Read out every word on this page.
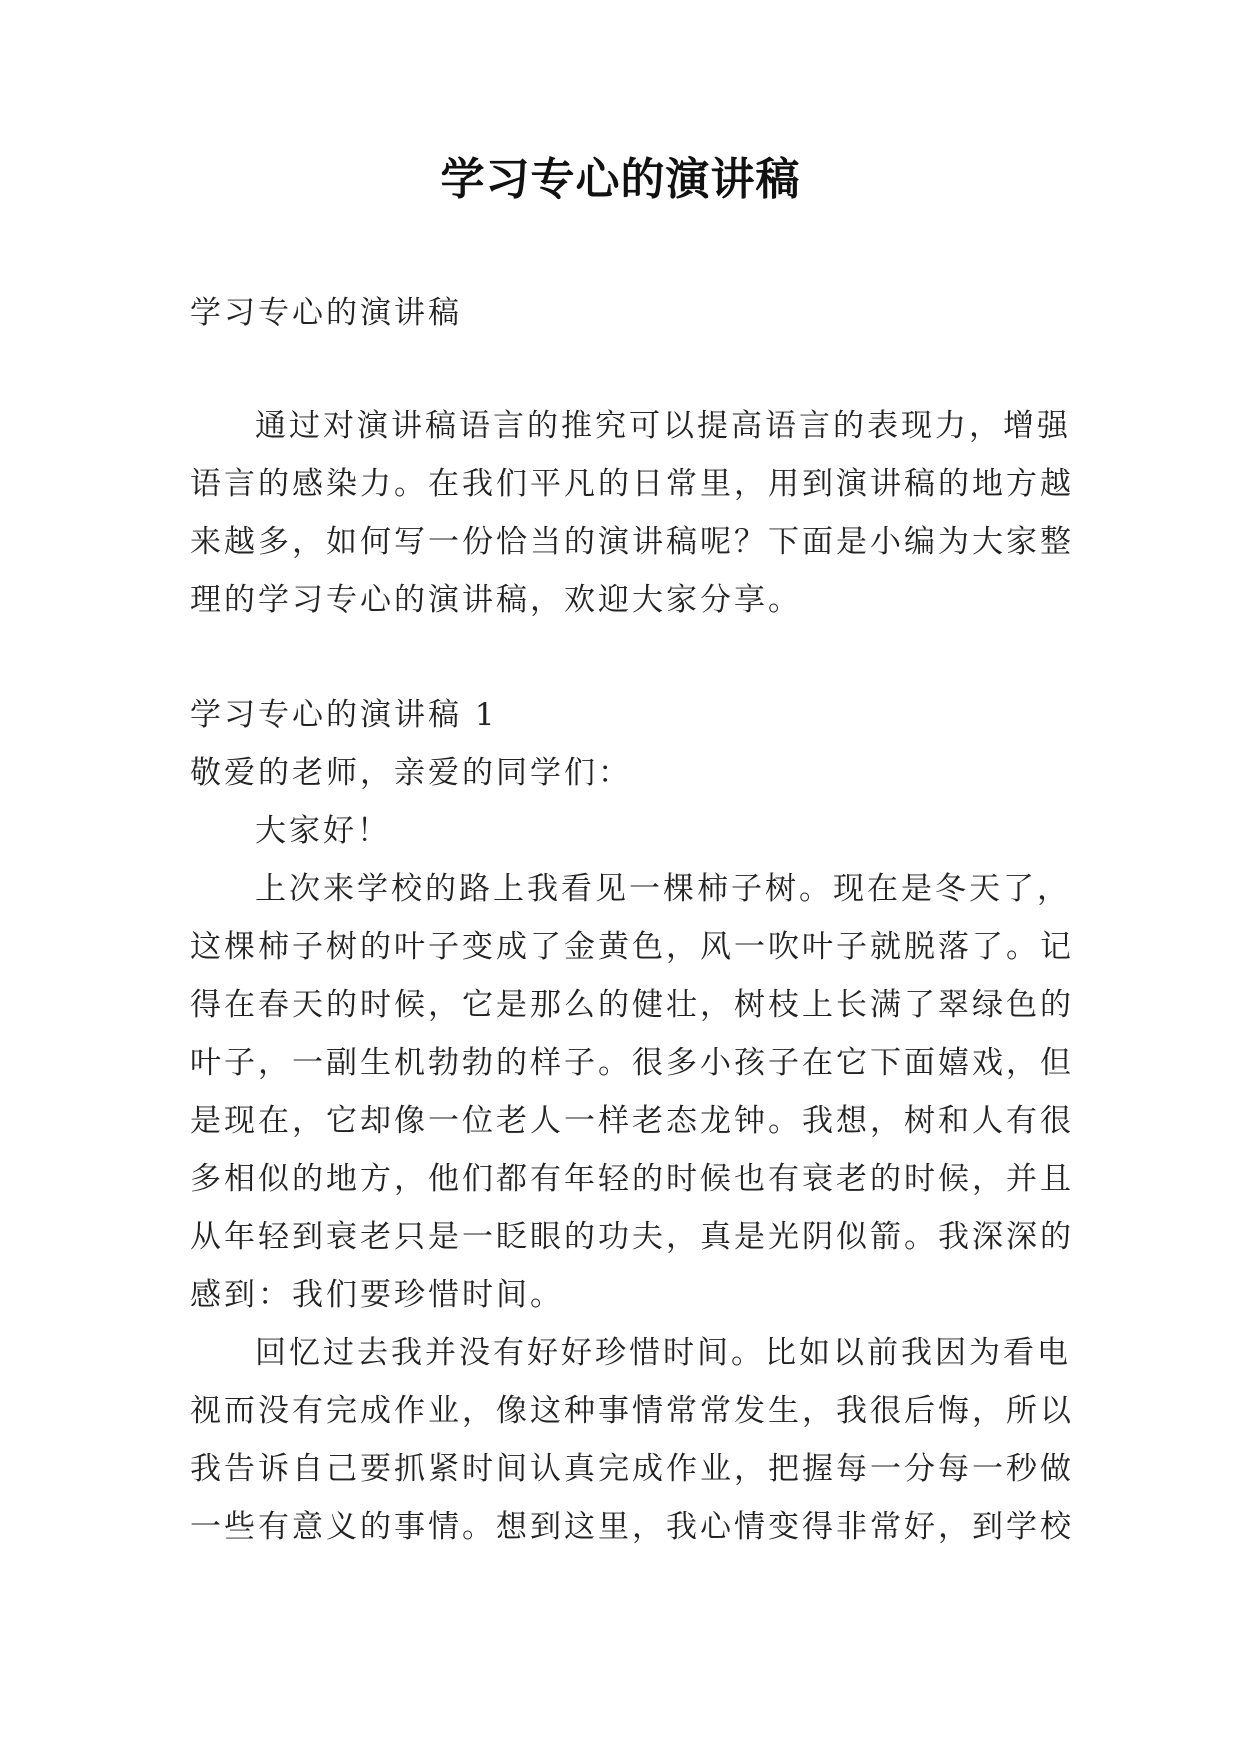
学习专心的演讲稿
学习专心的演讲稿
通过对演讲稿语言的推究可以提高语言的表现力，增强
语言的感染力。在我们平凡的日常里，用到演讲稿的地方越
来越多，如何写一份恰当的演讲稿呢？下面是小编为大家整
理的学习专心的演讲稿，欢迎大家分享。
学习专心的演讲稿 1
敬爱的老师，亲爱的同学们：
大家好！
上次来学校的路上我看见一棵柿子树。现在是冬天了，
这棵柿子树的叶子变成了金黄色，风一吹叶子就脱落了。记
得在春天的时候，它是那么的健壮，树枝上长满了翠绿色的
叶子，一副生机勃勃的样子。很多小孩子在它下面嬉戏，但
是现在，它却像一位老人一样老态龙钟。我想，树和人有很
多相似的地方，他们都有年轻的时候也有衰老的时候，并且
从年轻到衰老只是一眨眼的功夫，真是光阴似箭。我深深的
感到：我们要珍惜时间。
回忆过去我并没有好好珍惜时间。比如以前我因为看电
视而没有完成作业，像这种事情常常发生，我很后悔，所以
我告诉自己要抓紧时间认真完成作业，把握每一分每一秒做
一些有意义的事情。想到这里，我心情变得非常好，到学校
